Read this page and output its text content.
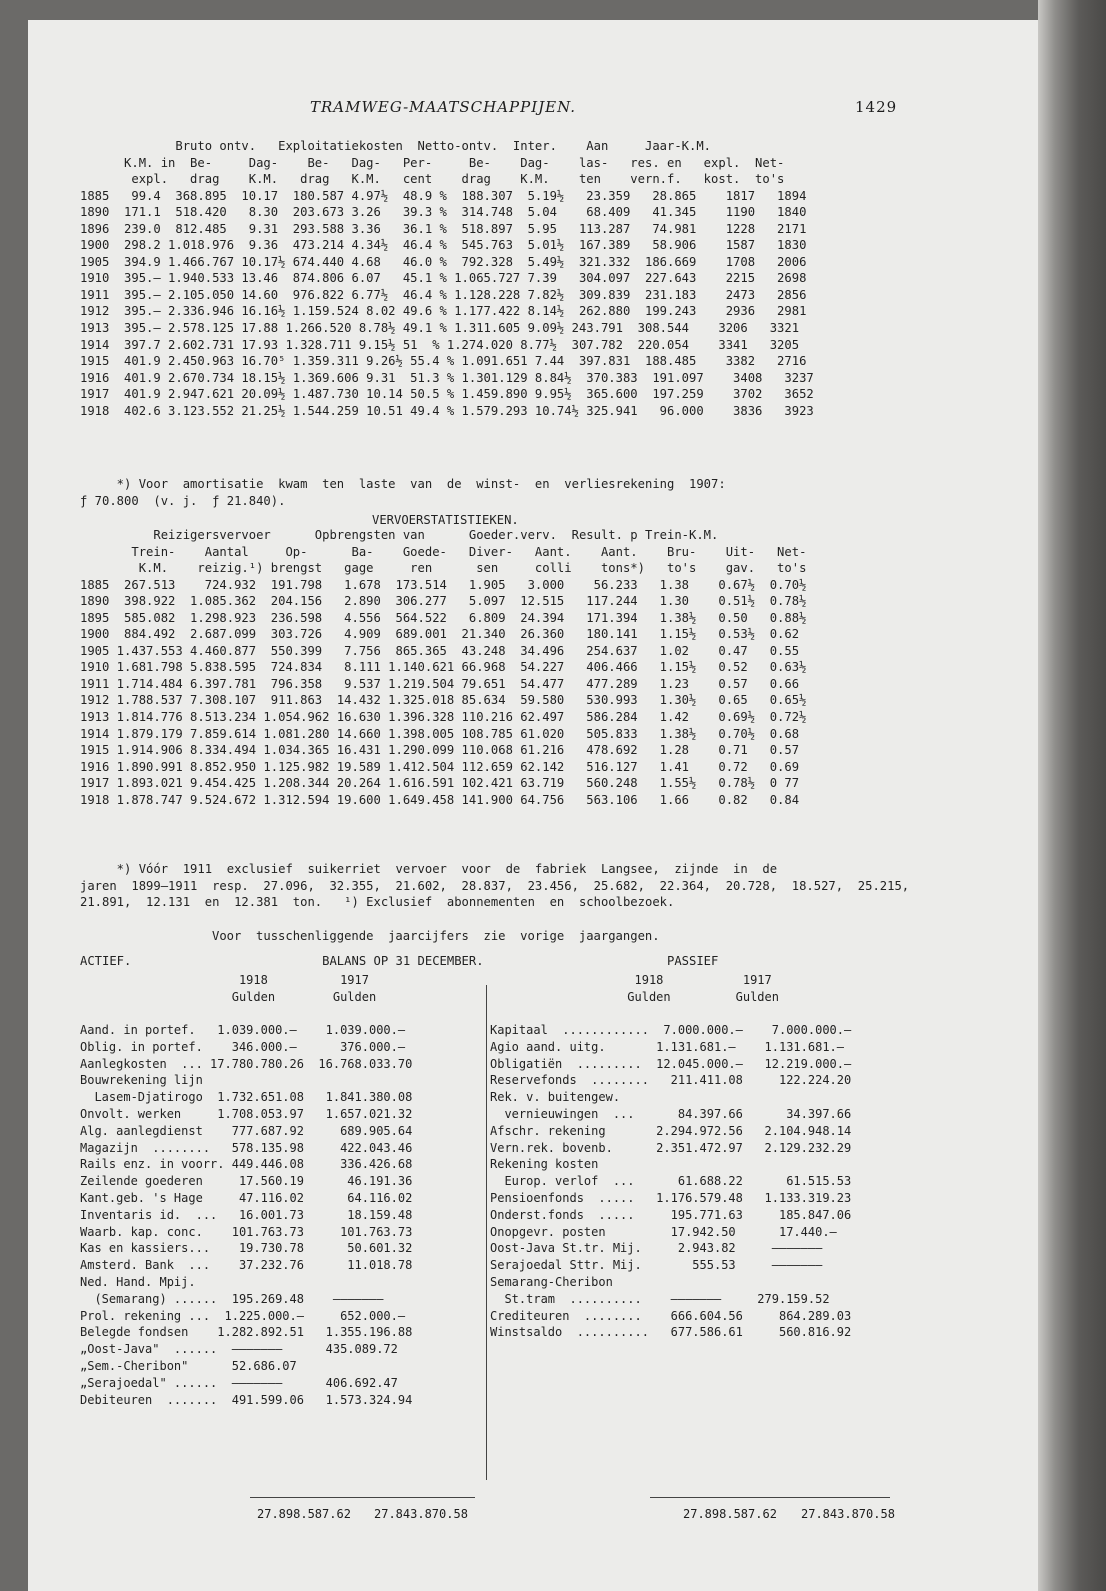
TRAMWEG-MAATSCHAPPIJEN.	1429
Bruto ontv.   Exploitatiekosten  Netto-ontv.  Inter.    Aan     Jaar-K.M.
K.M. in  Be-     Dag-    Be-   Dag-   Per-     Be-    Dag-    las-   res. en   expl.  Net-
expl.   drag    K.M.   drag   K.M.   cent    drag    K.M.    ten    vern.f.   kost.  to's
1885   99.4  368.895  10.17  180.587 4.97½  48.9 %  188.307  5.19½   23.359   28.865    1817   1894
1890  171.1  518.420   8.30  203.673 3.26   39.3 %  314.748  5.04    68.409   41.345    1190   1840
1896  239.0  812.485   9.31  293.588 3.36   36.1 %  518.897  5.95   113.287   74.981    1228   2171
1900  298.2 1.018.976  9.36  473.214 4.34½  46.4 %  545.763  5.01½  167.389   58.906    1587   1830
1905  394.9 1.466.767 10.17½ 674.440 4.68   46.0 %  792.328  5.49½  321.332  186.669    1708   2006
1910  395.— 1.940.533 13.46  874.806 6.07   45.1 % 1.065.727 7.39   304.097  227.643    2215   2698
1911  395.— 2.105.050 14.60  976.822 6.77½  46.4 % 1.128.228 7.82½  309.839  231.183    2473   2856
1912  395.— 2.336.946 16.16½ 1.159.524 8.02 49.6 % 1.177.422 8.14½  262.880  199.243    2936   2981
1913  395.— 2.578.125 17.88 1.266.520 8.78½ 49.1 % 1.311.605 9.09½ 243.791  308.544    3206   3321
1914  397.7 2.602.731 17.93 1.328.711 9.15½ 51  % 1.274.020 8.77½  307.782  220.054    3341   3205
1915  401.9 2.450.963 16.70⁵ 1.359.311 9.26½ 55.4 % 1.091.651 7.44  397.831  188.485    3382   2716
1916  401.9 2.670.734 18.15½ 1.369.606 9.31  51.3 % 1.301.129 8.84½  370.383  191.097    3408   3237
1917  401.9 2.947.621 20.09½ 1.487.730 10.14 50.5 % 1.459.890 9.95½  365.600  197.259    3702   3652
1918  402.6 3.123.552 21.25½ 1.544.259 10.51 49.4 % 1.579.293 10.74½ 325.941   96.000    3836   3923
*) Voor  amortisatie  kwam  ten  laste  van  de  winst-  en  verliesrekening  1907:
ƒ 70.800  (v. j.  ƒ 21.840).
VERVOERSTATISTIEKEN.
Reizigersvervoer      Opbrengsten van      Goeder.verv.  Result. p Trein-K.M.
Trein-    Aantal     Op-      Ba-    Goede-   Diver-   Aant.    Aant.    Bru-    Uit-   Net-
K.M.    reizig.¹) brengst   gage     ren      sen     colli    tons*)   to's    gav.   to's
1885  267.513    724.932  191.798   1.678  173.514   1.905   3.000    56.233   1.38    0.67½  0.70½
1890  398.922  1.085.362  204.156   2.890  306.277   5.097  12.515   117.244   1.30    0.51½  0.78½
1895  585.082  1.298.923  236.598   4.556  564.522   6.809  24.394   171.394   1.38½   0.50   0.88½
1900  884.492  2.687.099  303.726   4.909  689.001  21.340  26.360   180.141   1.15½   0.53½  0.62
1905 1.437.553 4.460.877  550.399   7.756  865.365  43.248  34.496   254.637   1.02    0.47   0.55
1910 1.681.798 5.838.595  724.834   8.111 1.140.621 66.968  54.227   406.466   1.15½   0.52   0.63½
1911 1.714.484 6.397.781  796.358   9.537 1.219.504 79.651  54.477   477.289   1.23    0.57   0.66
1912 1.788.537 7.308.107  911.863  14.432 1.325.018 85.634  59.580   530.993   1.30½   0.65   0.65½
1913 1.814.776 8.513.234 1.054.962 16.630 1.396.328 110.216 62.497   586.284   1.42    0.69½  0.72½
1914 1.879.179 7.859.614 1.081.280 14.660 1.398.005 108.785 61.020   505.833   1.38½   0.70½  0.68
1915 1.914.906 8.334.494 1.034.365 16.431 1.290.099 110.068 61.216   478.692   1.28    0.71   0.57
1916 1.890.991 8.852.950 1.125.982 19.589 1.412.504 112.659 62.142   516.127   1.41    0.72   0.69
1917 1.893.021 9.454.425 1.208.344 20.264 1.616.591 102.421 63.719   560.248   1.55½   0.78½  0 77
1918 1.878.747 9.524.672 1.312.594 19.600 1.649.458 141.900 64.756   563.106   1.66    0.82   0.84
*) Vóór  1911  exclusief  suikerriet  vervoer  voor  de  fabriek  Langsee,  zijnde  in  de
jaren  1899—1911  resp.  27.096,  32.355,  21.602,  28.837,  23.456,  25.682,  22.364,  20.728,  18.527,  25.215,
21.891,  12.131  en  12.381  ton.   ¹) Exclusief  abonnementen  en  schoolbezoek.
Voor  tusschenliggende  jaarcijfers  zie  vorige  jaargangen.
ACTIEF.                          BALANS OP 31 DECEMBER.                         PASSIEF
1918          1917
Gulden        Gulden
Aand. in portef.   1.039.000.—    1.039.000.—
Oblig. in portef.    346.000.—      376.000.—
Aanlegkosten  ... 17.780.780.26  16.768.033.70
Bouwrekening lijn
Lasem-Djatirogo  1.732.651.08   1.841.380.08
Onvolt. werken     1.708.053.97   1.657.021.32
Alg. aanlegdienst    777.687.92     689.905.64
Magazijn  ........   578.135.98     422.043.46
Rails enz. in voorr. 449.446.08     336.426.68
Zeilende goederen     17.560.19      46.191.36
Kant.geb. 's Hage     47.116.02      64.116.02
Inventaris id.  ...   16.001.73      18.159.48
Waarb. kap. conc.    101.763.73     101.763.73
Kas en kassiers...    19.730.78      50.601.32
Amsterd. Bank  ...    37.232.76      11.018.78
Ned. Hand. Mpij.
(Semarang) ......  195.269.48    ———————
Prol. rekening ...  1.225.000.—     652.000.—
Belegde fondsen    1.282.892.51   1.355.196.88
„Oost-Java"  ......  ———————      435.089.72
„Sem.-Cheribon"      52.686.07
„Serajoedal" ......  ———————      406.692.47
Debiteuren  .......  491.599.06   1.573.324.94
1918           1917
Gulden         Gulden
Kapitaal  ............  7.000.000.—    7.000.000.—
Agio aand. uitg.       1.131.681.—    1.131.681.—
Obligatiën  .........  12.045.000.—   12.219.000.—
Reservefonds  ........   211.411.08     122.224.20
Rek. v. buitengew.
vernieuwingen  ...      84.397.66      34.397.66
Afschr. rekening       2.294.972.56   2.104.948.14
Vern.rek. bovenb.      2.351.472.97   2.129.232.29
Rekening kosten
Europ. verlof  ...      61.688.22      61.515.53
Pensioenfonds  .....   1.176.579.48   1.133.319.23
Onderst.fonds  .....     195.771.63     185.847.06
Onopgevr. posten         17.942.50      17.440.—
Oost-Java St.tr. Mij.     2.943.82     ———————
Serajoedal Sttr. Mij.       555.53     ———————
Semarang-Cheribon
St.tram  ..........    ———————     279.159.52
Crediteuren  ........    666.604.56     864.289.03
Winstsaldo  ..........   677.586.61     560.816.92
27.898.587.62 27.843.870.58	27.898.587.62 27.843.870.58
